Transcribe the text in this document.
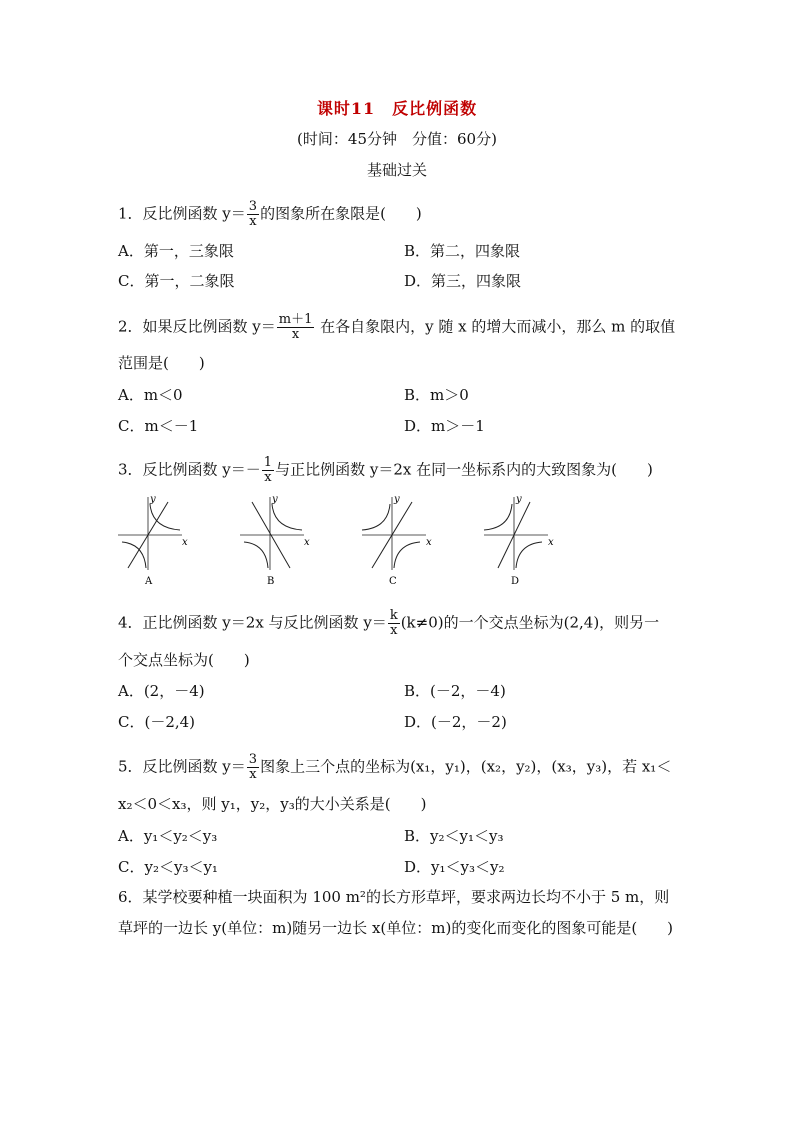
课时11　反比例函数
(时间：45分钟　分值：60分)
基础过关
1．反比例函数 $y= \frac{3}{x}$ 的图象所在象限是(　　)
A．第一，三象限	B．第二，四象限
C．第一，二象限	D．第三，四象限
2．如果反比例函数 $y= \frac{m+1}{x}$ 在各自象限内，y 随 x 的增大而减小，那么 m 的取值
范围是(　　)
A．m＜0	B．m＞0
C．m＜－1	D．m＞－1
3．反比例函数 $y=- \frac{1}{x}$ 与正比例函数 y＝2x 在同一坐标系内的大致图象为(　　)
x
y
A
x
y
B
x
y
C
x
y
D
4．正比例函数 y＝2x 与反比例函数 $y= \frac{k}{x} (k\ne 0)$的一个交点坐标为(2,4)，则另一
个交点坐标为(　　)
A．(2，－4)	B．(－2，－4)
C．(－2,4)	D．(－2，－2)
5．反比例函数 $y= \frac{3}{x}$ 图象上三个点的坐标为(x₁，y₁)，(x₂，y₂)，(x₃，y₃)，若 x₁＜
x₂＜0＜x₃，则 y₁，y₂，y₃的大小关系是(　　)
A．y₁＜y₂＜y₃	B．y₂＜y₁＜y₃
C．y₂＜y₃＜y₁	D．y₁＜y₃＜y₂
6．某学校要种植一块面积为 100 m²的长方形草坪，要求两边长均不小于 5 m，则
草坪的一边长 y(单位：m)随另一边长 x(单位：m)的变化而变化的图象可能是(　　)
